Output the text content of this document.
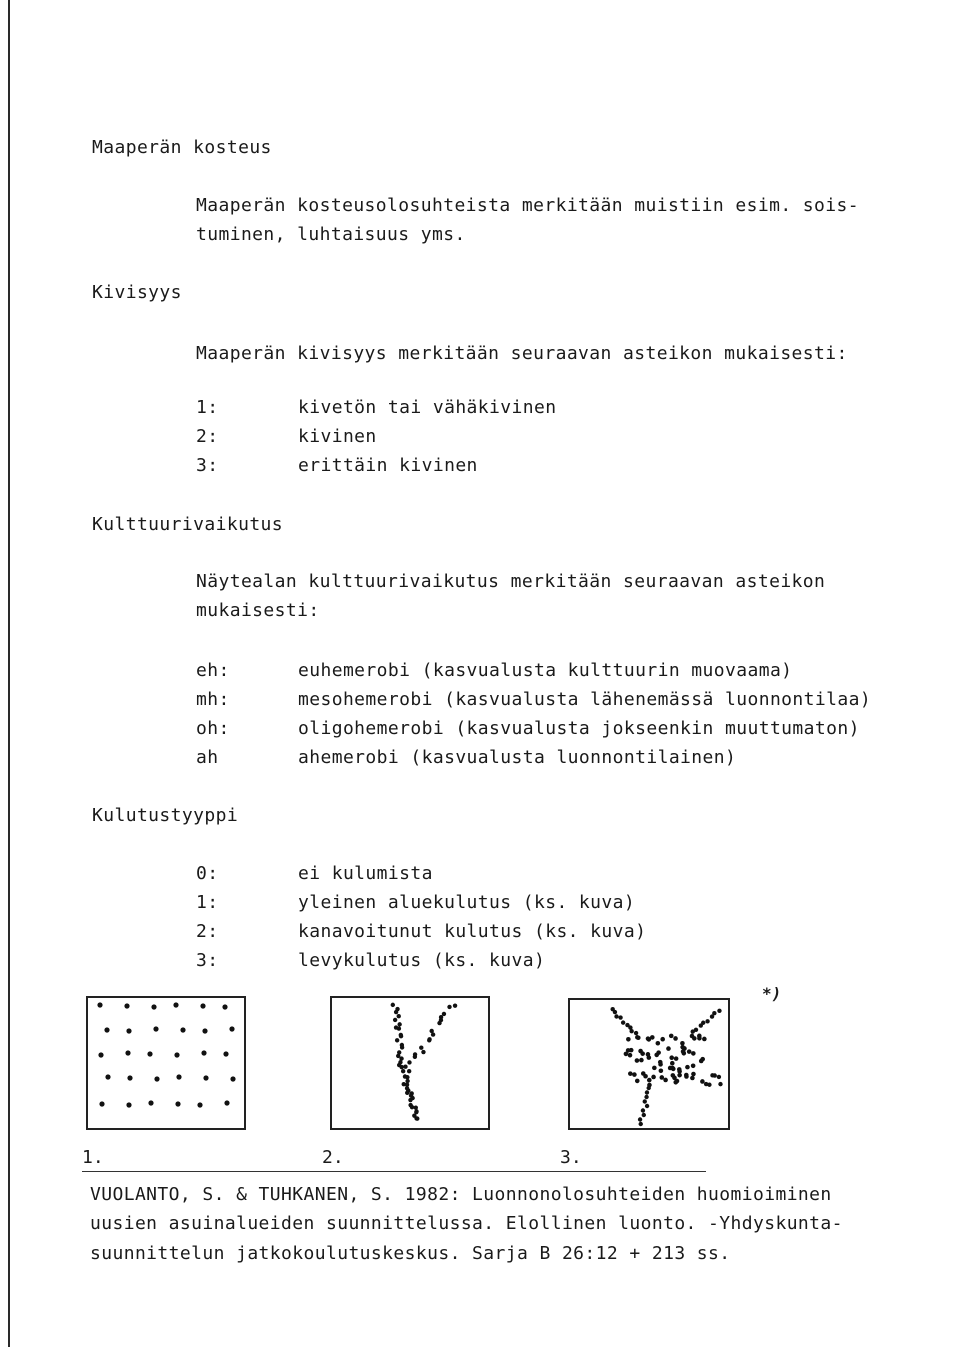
Maaperän kosteus
Maaperän kosteusolosuhteista merkitään muistiin esim. sois-
tuminen, luhtaisuus yms.
Kivisyys
Maaperän kivisyys merkitään seuraavan asteikon mukaisesti:
1:	kivetön tai vähäkivinen
2:	kivinen
3:	erittäin kivinen
Kulttuurivaikutus
Näytealan kulttuurivaikutus merkitään seuraavan asteikon
mukaisesti:
eh:	euhemerobi (kasvualusta kulttuurin muovaama)
mh:	mesohemerobi (kasvualusta lähenemässä luonnontilaa)
oh:	oligohemerobi (kasvualusta jokseenkin muuttumaton)
ah	ahemerobi (kasvualusta luonnontilainen)
Kulutustyyppi
0:	ei kulumista
1:	yleinen aluekulutus (ks. kuva)
2:	kanavoitunut kulutus (ks. kuva)
3:	levykulutus (ks. kuva)
*)
1.	2.	3.
VUOLANTO, S. & TUHKANEN, S. 1982: Luonnonolosuhteiden huomioiminen
uusien asuinalueiden suunnittelussa. Elollinen luonto. -Yhdyskunta-
suunnittelun jatkokoulutuskeskus. Sarja B 26:12 + 213 ss.
